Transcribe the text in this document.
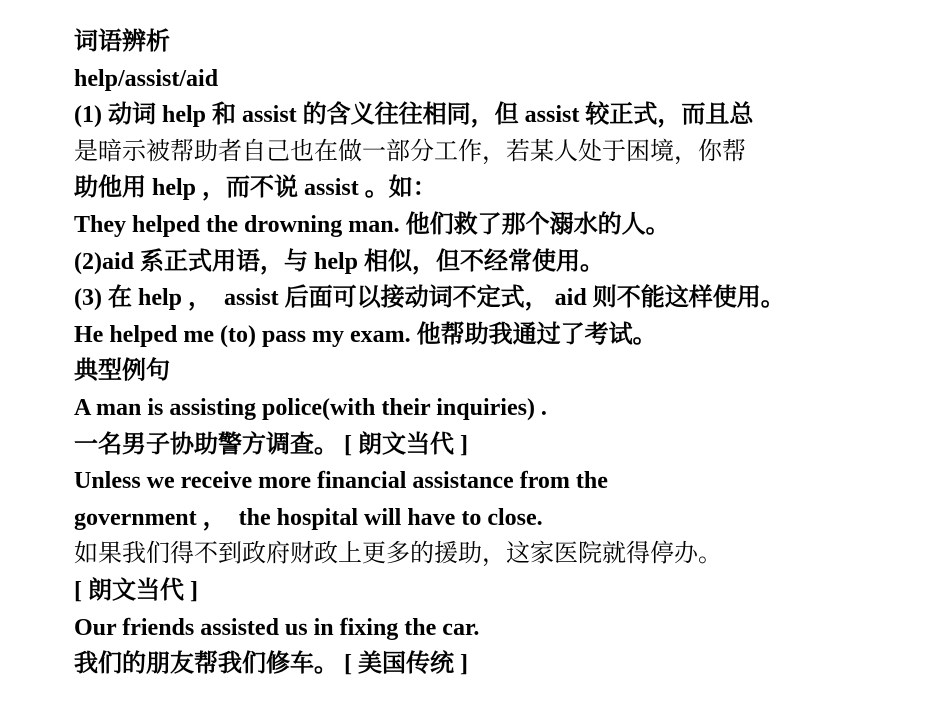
词语辨析
help/assist/aid
(1) 动词 help 和 assist 的含义往往相同，但 assist 较正式，而且总
是暗示被帮助者自己也在做一部分工作，若某人处于困境，你帮
助他用 help ，而不说 assist 。如：
They helped the drowning man. 他们救了那个溺水的人。
(2)aid 系正式用语，与 help 相似，但不经常使用。
(3) 在 help ，  assist 后面可以接动词不定式， aid 则不能这样使用。
He helped me (to) pass my exam. 他帮助我通过了考试。
典型例句
A man is assisting police(with their inquiries) .
一名男子协助警方调查。 [ 朗文当代 ]
Unless we receive more financial assistance from the
government ，  the hospital will have to close.
如果我们得不到政府财政上更多的援助，这家医院就得停办。
[ 朗文当代 ]
Our friends assisted us in fixing the car.
我们的朋友帮我们修车。 [ 美国传统 ]
